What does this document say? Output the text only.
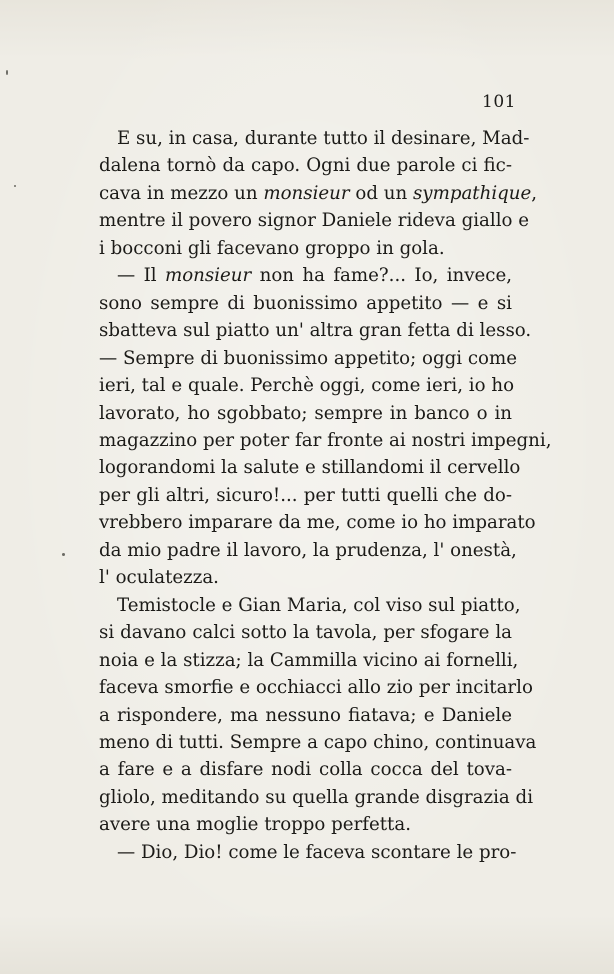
101
E su, in casa, durante tutto il desinare, Mad-
dalena tornò da capo. Ogni due parole ci fic-
cava in mezzo un monsieur od un sympathique,
mentre il povero signor Daniele rideva giallo e
i bocconi gli facevano groppo in gola.
— Il monsieur non ha fame?... Io, invece,
sono sempre di buonissimo appetito — e si
sbatteva sul piatto un' altra gran fetta di lesso.
— Sempre di buonissimo appetito; oggi come
ieri, tal e quale. Perchè oggi, come ieri, io ho
lavorato, ho sgobbato; sempre in banco o in
magazzino per poter far fronte ai nostri impegni,
logorandomi la salute e stillandomi il cervello
per gli altri, sicuro!... per tutti quelli che do-
vrebbero imparare da me, come io ho imparato
da mio padre il lavoro, la prudenza, l' onestà,
l' oculatezza.
Temistocle e Gian Maria, col viso sul piatto,
si davano calci sotto la tavola, per sfogare la
noia e la stizza; la Cammilla vicino ai fornelli,
faceva smorfie e occhiacci allo zio per incitarlo
a rispondere, ma nessuno fiatava; e Daniele
meno di tutti. Sempre a capo chino, continuava
a fare e a disfare nodi colla cocca del tova-
gliolo, meditando su quella grande disgrazia di
avere una moglie troppo perfetta.
— Dio, Dio! come le faceva scontare le pro-
